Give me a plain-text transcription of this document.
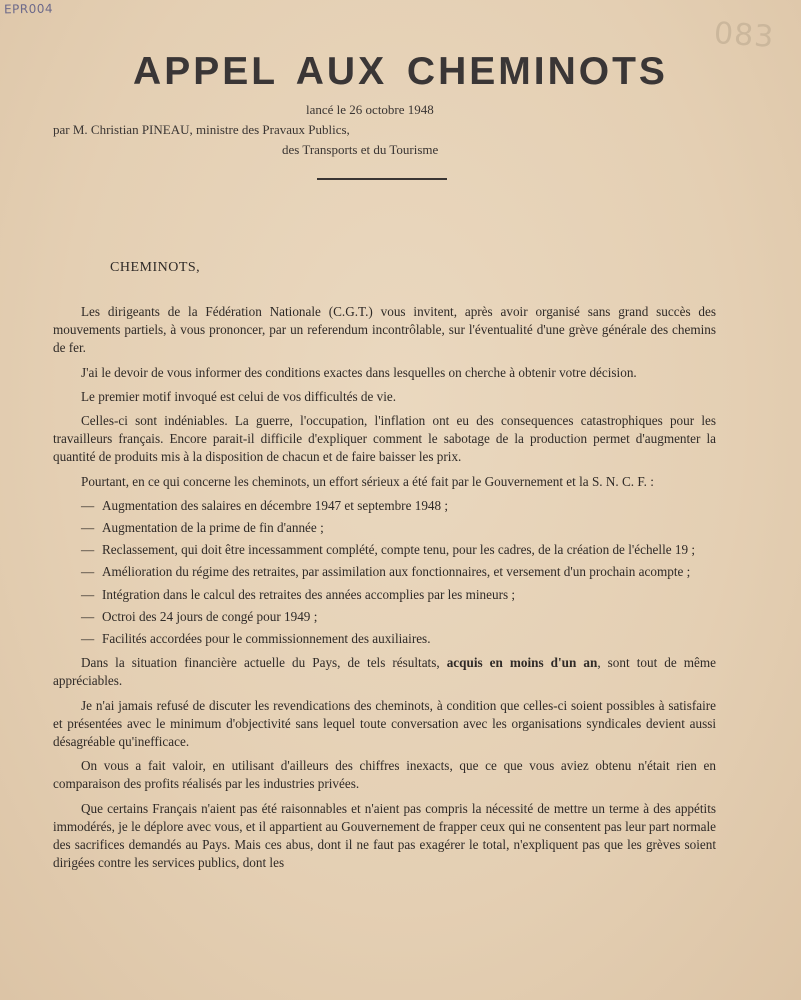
EPR004
083
APPEL AUX CHEMINOTS
lancé le 26 octobre 1948
par M. Christian PINEAU, ministre des Pravaux Publics,
des Transports et du Tourisme
CHEMINOTS,

Les dirigeants de la Fédération Nationale (C.G.T.) vous invitent, après avoir organisé sans grand succès des mouvements partiels, à vous prononcer, par un referendum incontrôlable, sur l'éventualité d'une grève générale des chemins de fer.

J'ai le devoir de vous informer des conditions exactes dans lesquelles on cherche à obtenir votre décision.

Le premier motif invoqué est celui de vos difficultés de vie.

Celles-ci sont indéniables. La guerre, l'occupation, l'inflation ont eu des consequences catastrophiques pour les travailleurs français. Encore parait-il difficile d'expliquer comment le sabotage de la production permet d'augmenter la quantité de produits mis à la disposition de chacun et de faire baisser les prix.

Pourtant, en ce qui concerne les cheminots, un effort sérieux a été fait par le Gouvernement et la S. N. C. F. :

— Augmentation des salaires en décembre 1947 et septembre 1948 ;
— Augmentation de la prime de fin d'année ;
— Reclassement, qui doit être incessamment complété, compte tenu, pour les cadres, de la création de l'échelle 19 ;
— Amélioration du régime des retraites, par assimilation aux fonctionnaires, et versement d'un prochain acompte ;
— Intégration dans le calcul des retraites des années accomplies par les mineurs ;
— Octroi des 24 jours de congé pour 1949 ;
— Facilités accordées pour le commissionnement des auxiliaires.

Dans la situation financière actuelle du Pays, de tels résultats, acquis en moins d'un an, sont tout de même appréciables.

Je n'ai jamais refusé de discuter les revendications des cheminots, à condition que celles-ci soient possibles à satisfaire et présentées avec le minimum d'objectivité sans lequel toute conversation avec les organisations syndicales devient aussi désagréable qu'inefficace.

On vous a fait valoir, en utilisant d'ailleurs des chiffres inexacts, que ce que vous aviez obtenu n'était rien en comparaison des profits réalisés par les industries privées.

Que certains Français n'aient pas été raisonnables et n'aient pas compris la nécessité de mettre un terme à des appétits immodérés, je le déplore avec vous, et il appartient au Gouvernement de frapper ceux qui ne consentent pas leur part normale des sacrifices demandés au Pays. Mais ces abus, dont il ne faut pas exagérer le total, n'expliquent pas que les grèves soient dirigées contre les services publics, dont les
